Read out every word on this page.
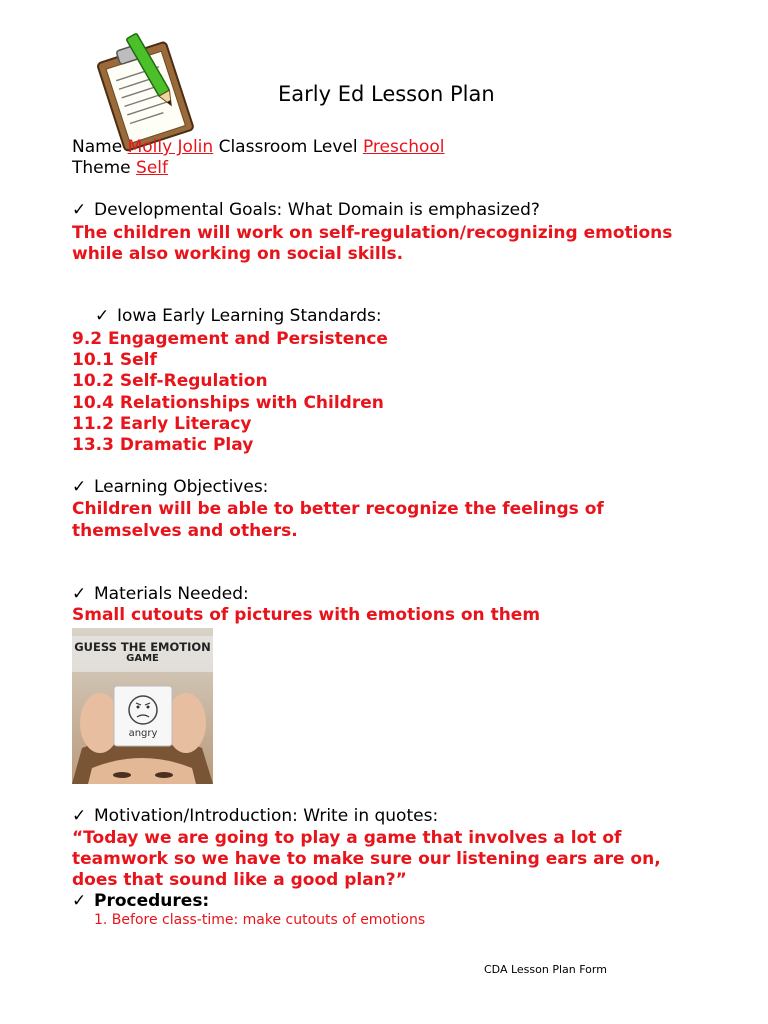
Early Ed Lesson Plan
Name Molly Jolin Classroom Level Preschool
Theme Self
✓ Developmental Goals: What Domain is emphasized?
The children will work on self-regulation/recognizing emotions
while also working on social skills.
✓ Iowa Early Learning Standards:
9.2 Engagement and Persistence
10.1 Self
10.2 Self-Regulation
10.4 Relationships with Children
11.2 Early Literacy
13.3 Dramatic Play
✓ Learning Objectives:
Children will be able to better recognize the feelings of
themselves and others.
✓ Materials Needed:
Small cutouts of pictures with emotions on them
GUESS THE EMOTION
GAME
angry
✓ Motivation/Introduction: Write in quotes:
“Today we are going to play a game that involves a lot of
teamwork so we have to make sure our listening ears are on,
does that sound like a good plan?”
✓ Procedures:
1. Before class-time: make cutouts of emotions
CDA Lesson Plan Form
